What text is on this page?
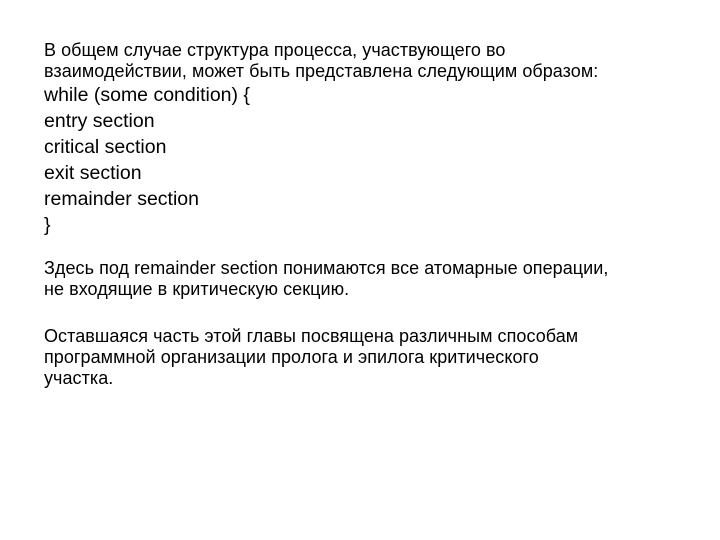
В общем случае структура процесса, участвующего во
взаимодействии, может быть представлена следующим образом:

while (some condition) {
entry section
critical section
exit section
remainder section
}

Здесь под remainder section понимаются все атомарные операции,
не входящие в критическую секцию.

Оставшаяся часть этой главы посвящена различным способам
программной организации пролога и эпилога критического
участка.
